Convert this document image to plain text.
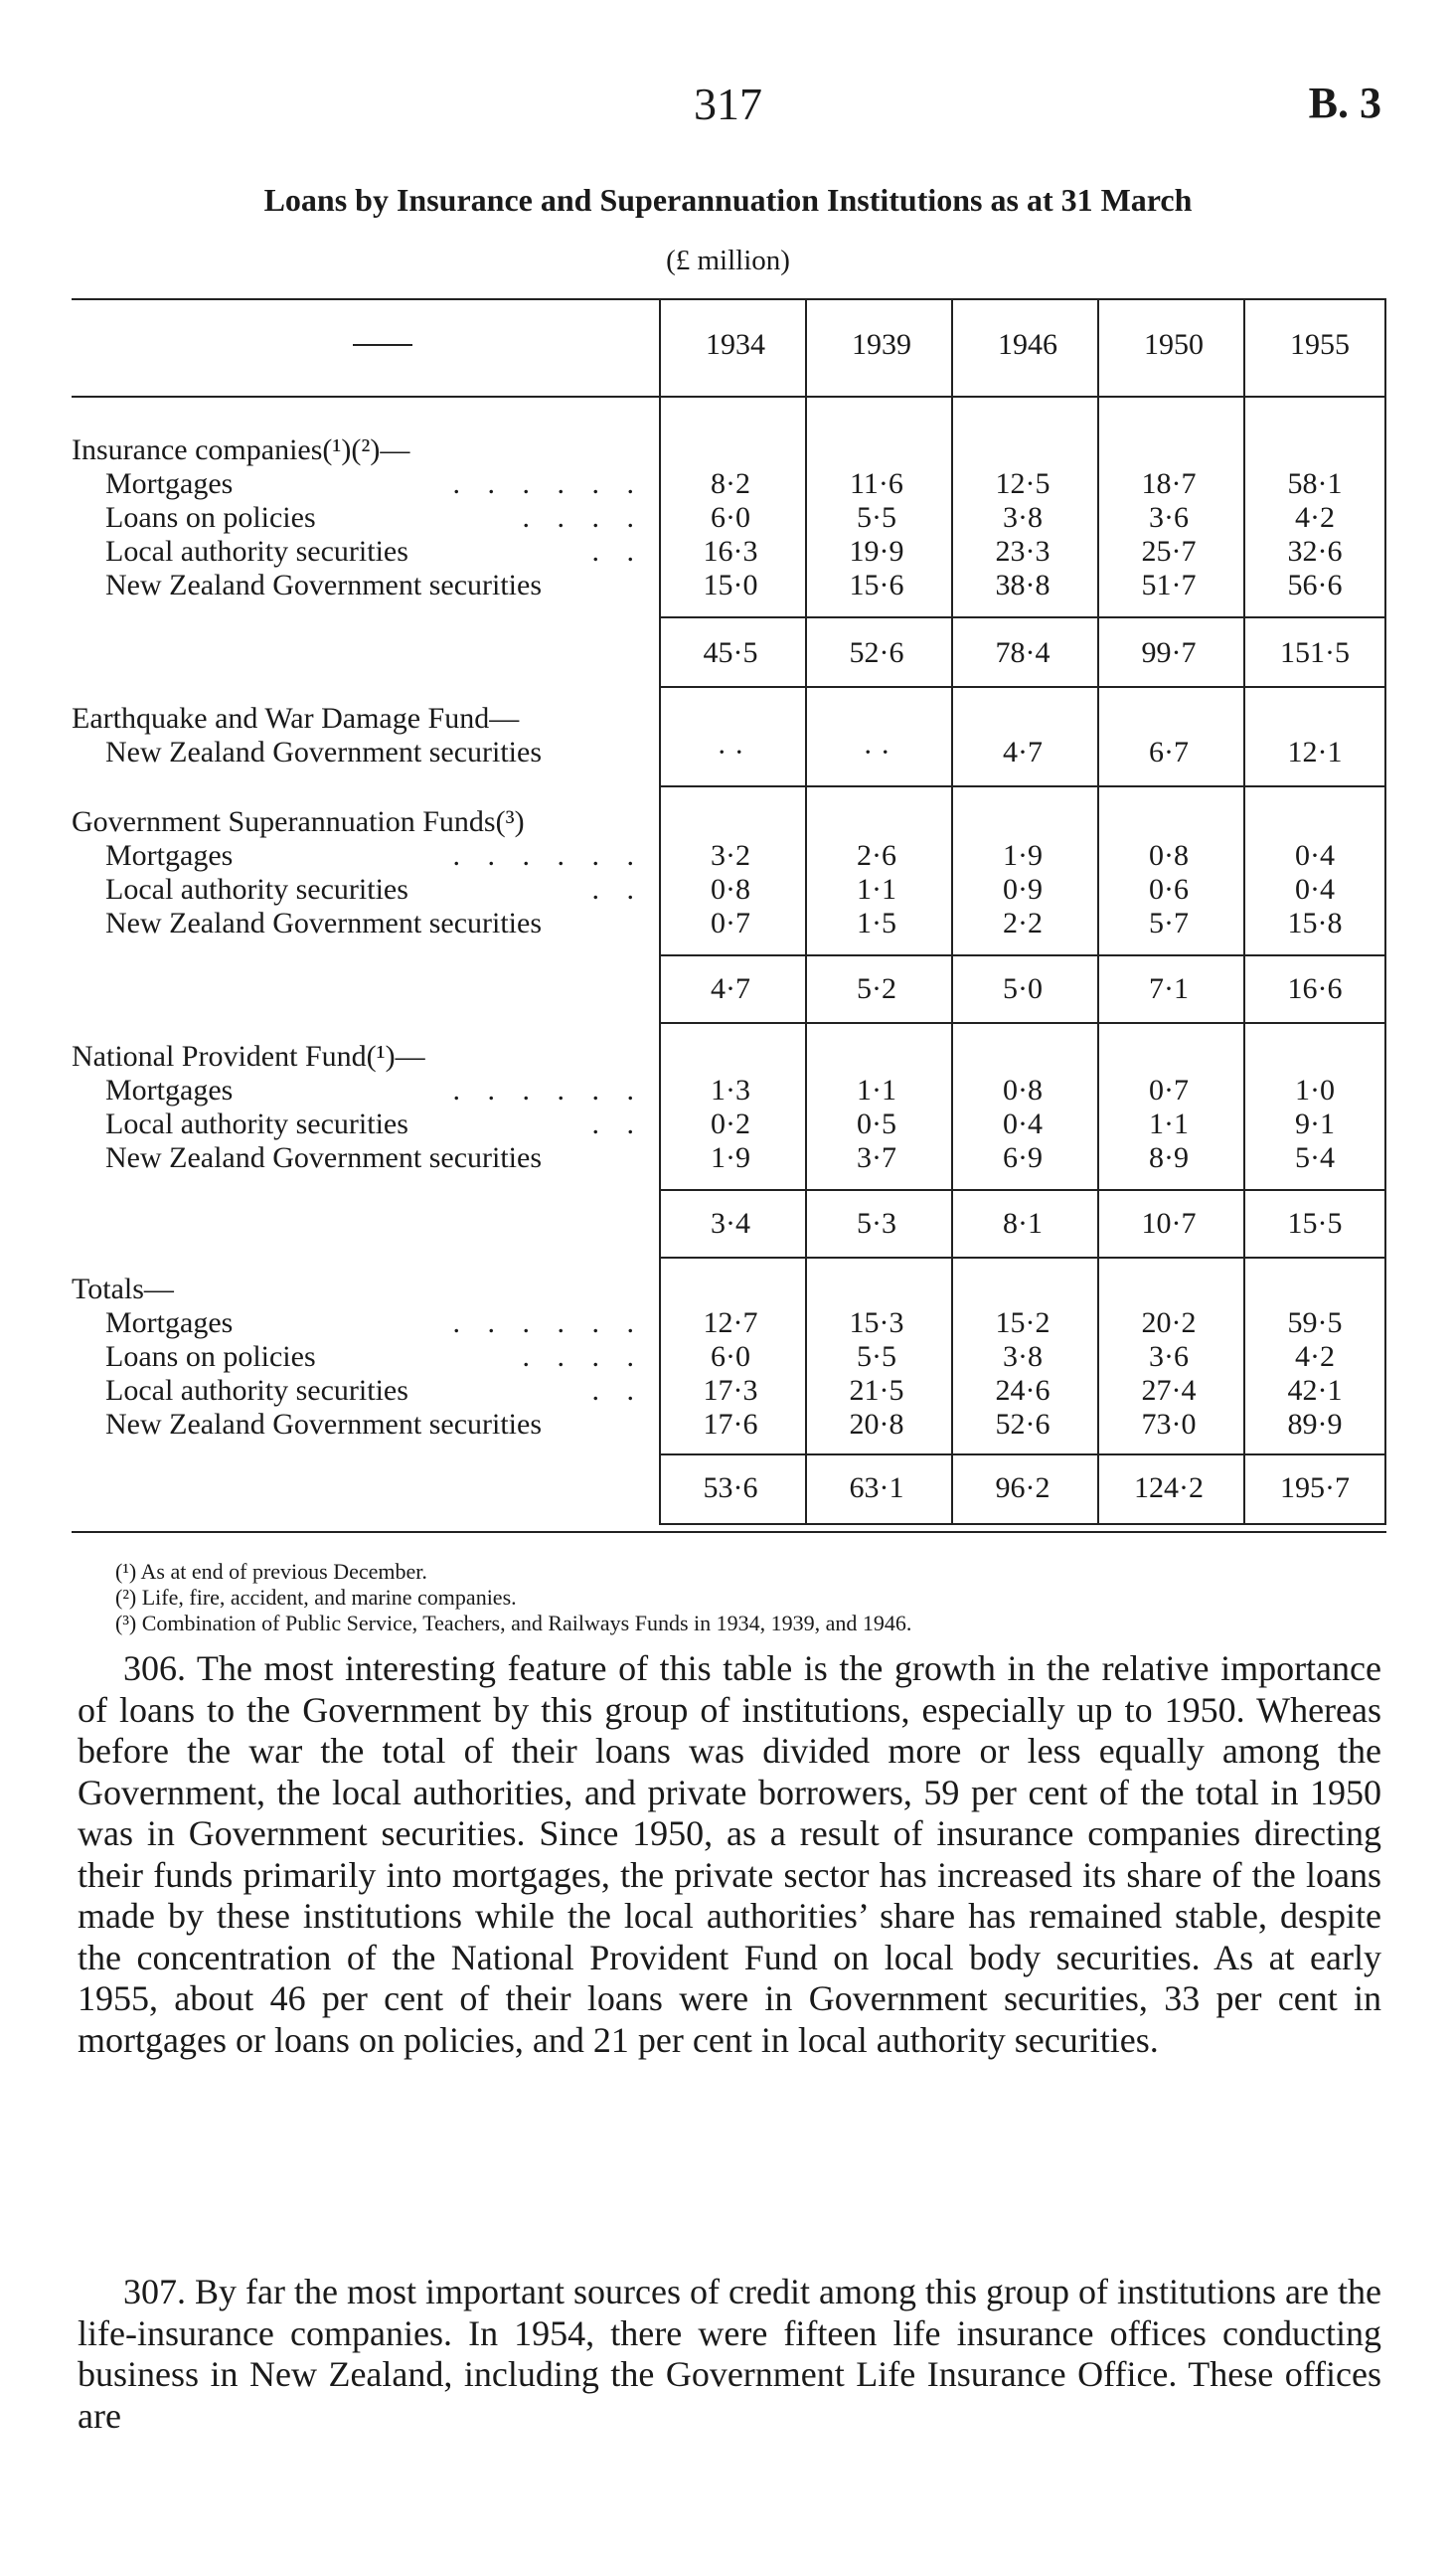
317	B. 3
Loans by Insurance and Superannuation Institutions as at 31 March
(£ million)
1934	1939	1946	1950	1955
Insurance companies(¹)(²)—
Mortgages	. . . . . .	8·2	11·6	12·5	18·7	58·1
Loans on policies	. . . .	6·0	5·5	3·8	3·6	4·2
Local authority securities	. .	16·3	19·9	23·3	25·7	32·6
New Zealand Government securities	15·0	15·6	38·8	51·7	56·6
45·5	52·6	78·4	99·7	151·5
Earthquake and War Damage Fund—
New Zealand Government securities	· ·	· ·	4·7	6·7	12·1
Government Superannuation Funds(³)
Mortgages	. . . . . .	3·2	2·6	1·9	0·8	0·4
Local authority securities	. .	0·8	1·1	0·9	0·6	0·4
New Zealand Government securities	0·7	1·5	2·2	5·7	15·8
4·7	5·2	5·0	7·1	16·6
National Provident Fund(¹)—
Mortgages	. . . . . .	1·3	1·1	0·8	0·7	1·0
Local authority securities	. .	0·2	0·5	0·4	1·1	9·1
New Zealand Government securities	1·9	3·7	6·9	8·9	5·4
3·4	5·3	8·1	10·7	15·5
Totals—
Mortgages	. . . . . .	12·7	15·3	15·2	20·2	59·5
Loans on policies	. . . .	6·0	5·5	3·8	3·6	4·2
Local authority securities	. .	17·3	21·5	24·6	27·4	42·1
New Zealand Government securities	17·6	20·8	52·6	73·0	89·9
53·6	63·1	96·2	124·2	195·7
(¹) As at end of previous December.
(²) Life, fire, accident, and marine companies.
(³) Combination of Public Service, Teachers, and Railways Funds in 1934, 1939, and 1946.

306. The most interesting feature of this table is the growth in the relative importance of loans to the Government by this group of institutions, especially up to 1950. Whereas before the war the total of their loans was divided more or less equally among the Government, the local authorities, and private borrowers, 59 per cent of the total in 1950 was in Government securities. Since 1950, as a result of insurance companies directing their funds primarily into mortgages, the private sector has increased its share of the loans made by these institutions while the local authorities’ share has remained stable, despite the concentration of the National Provident Fund on local body securities. As at early 1955, about 46 per cent of their loans were in Government securities, 33 per cent in mortgages or loans on policies, and 21 per cent in local authority securities.

307. By far the most important sources of credit among this group of institutions are the life-insurance companies. In 1954, there were fifteen life insurance offices conducting business in New Zealand, including the Government Life Insurance Office. These offices are
